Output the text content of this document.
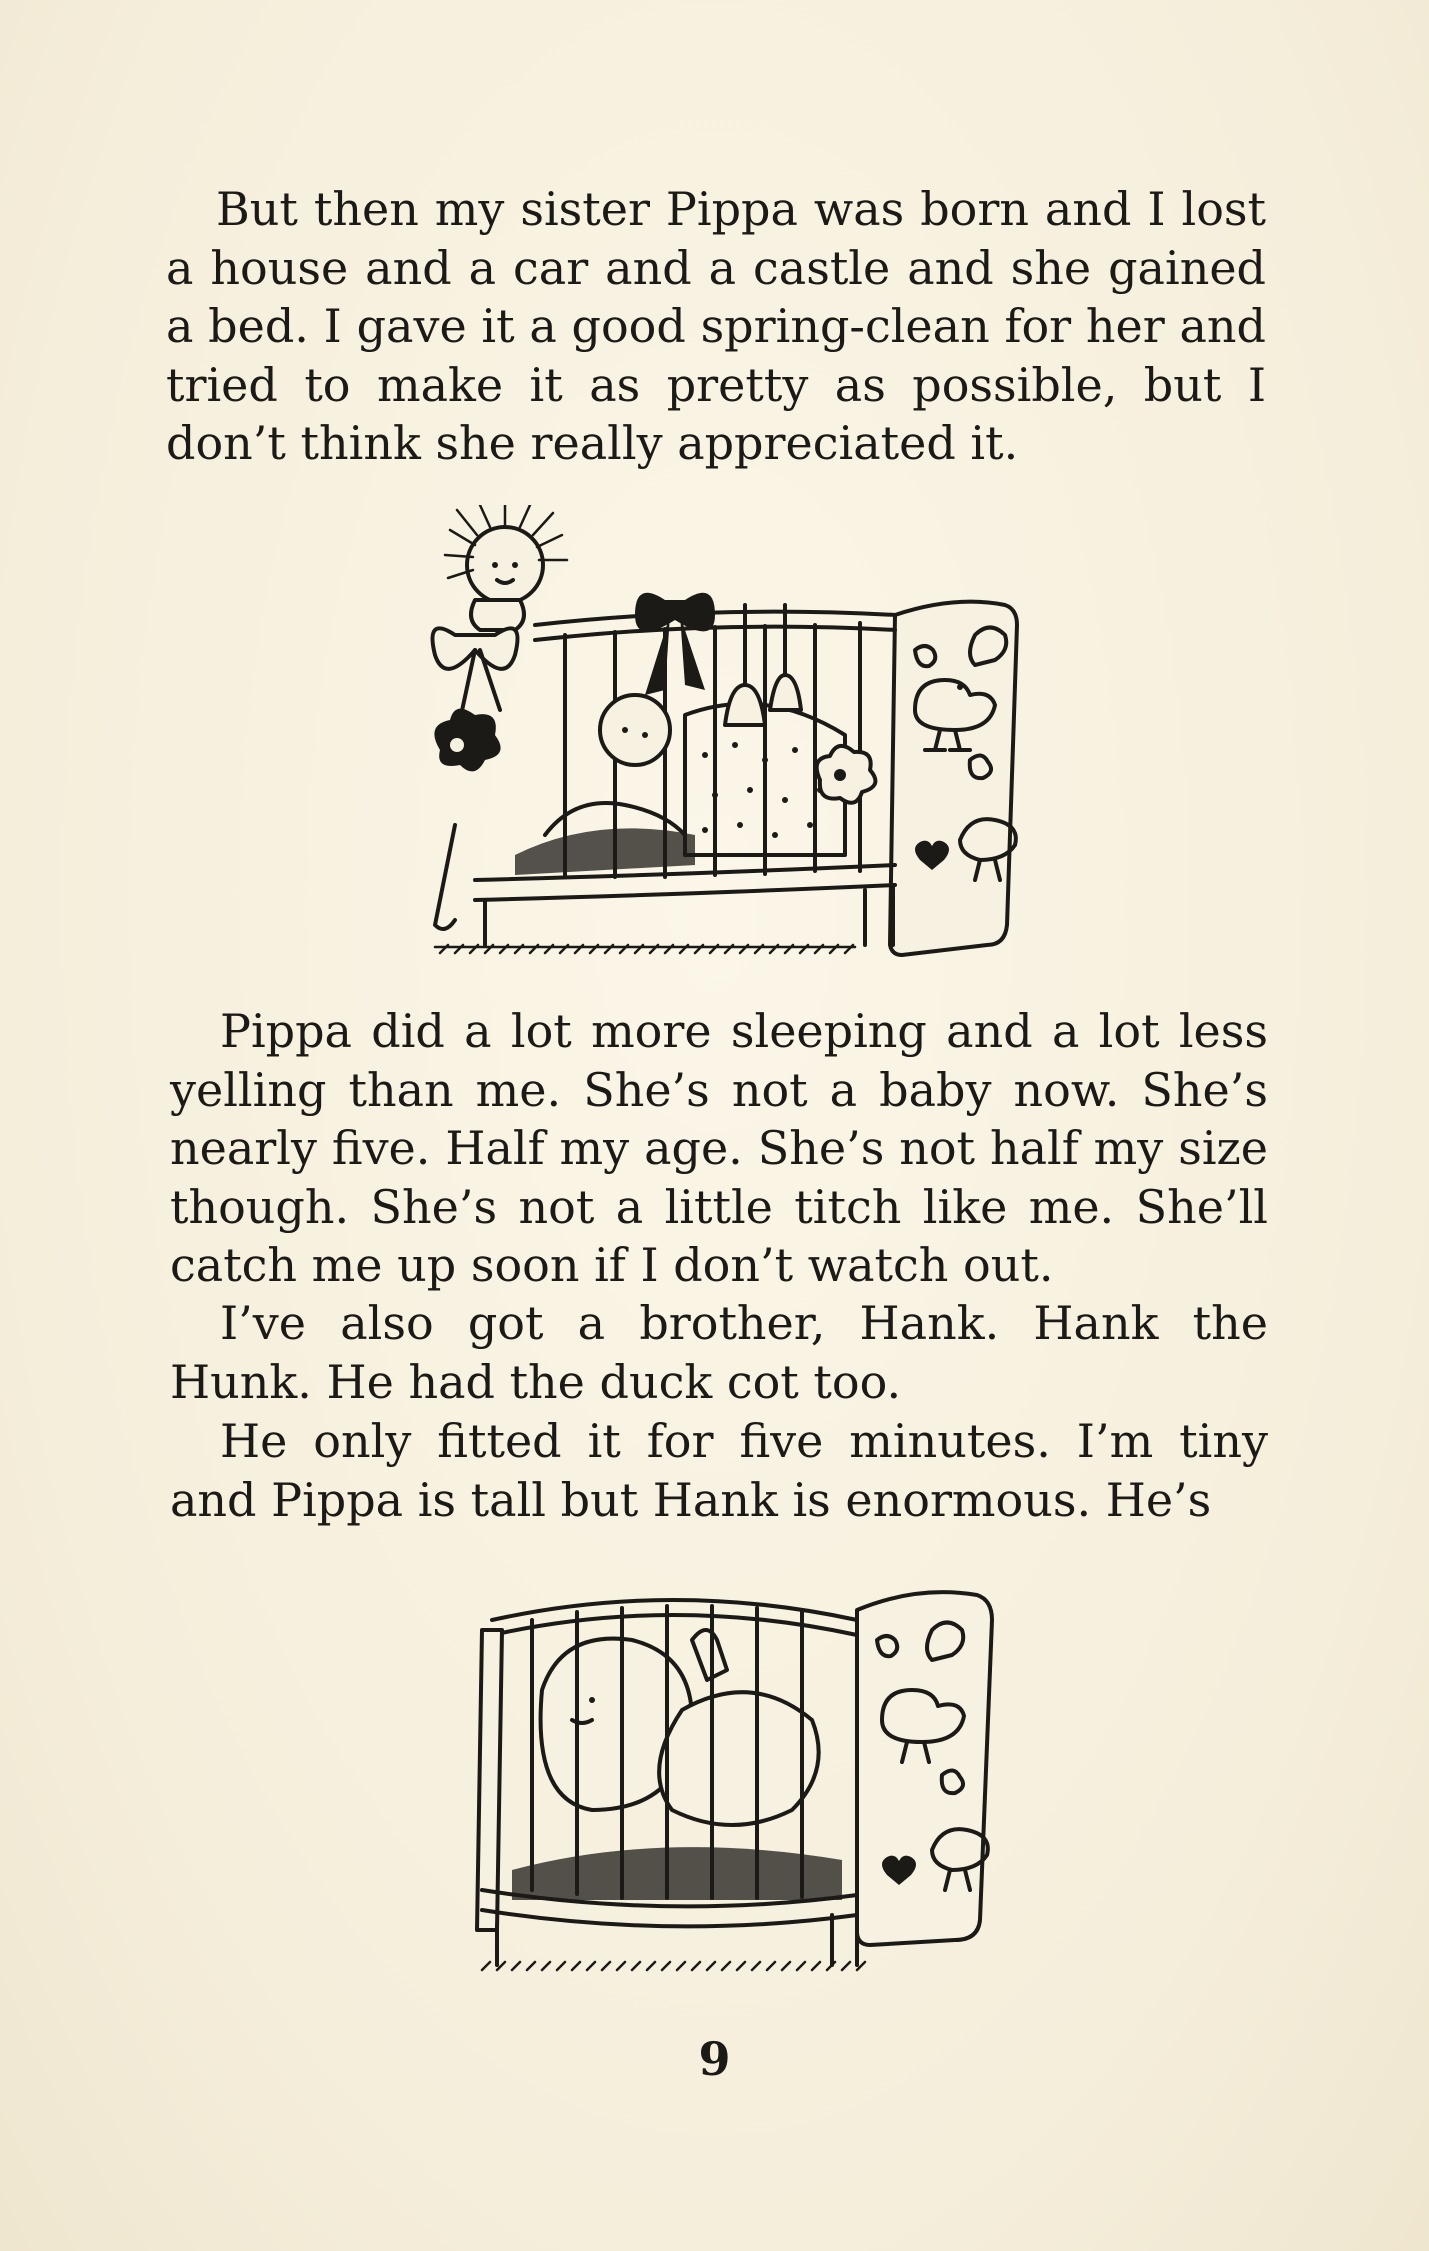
But then my sister Pippa was born and I lost a house and a car and a castle and she gained a bed. I gave it a good spring-clean for her and tried to make it as pretty as possible, but I don’t think she really appreciated it.

Pippa did a lot more sleeping and a lot less yelling than me. She’s not a baby now. She’s nearly five. Half my age. She’s not half my size though. She’s not a little titch like me. She’ll catch me up soon if I don’t watch out.

I’ve also got a brother, Hank. Hank the Hunk. He had the duck cot too.

He only fitted it for five minutes. I’m tiny and Pippa is tall but Hank is enormous. He’s

9
